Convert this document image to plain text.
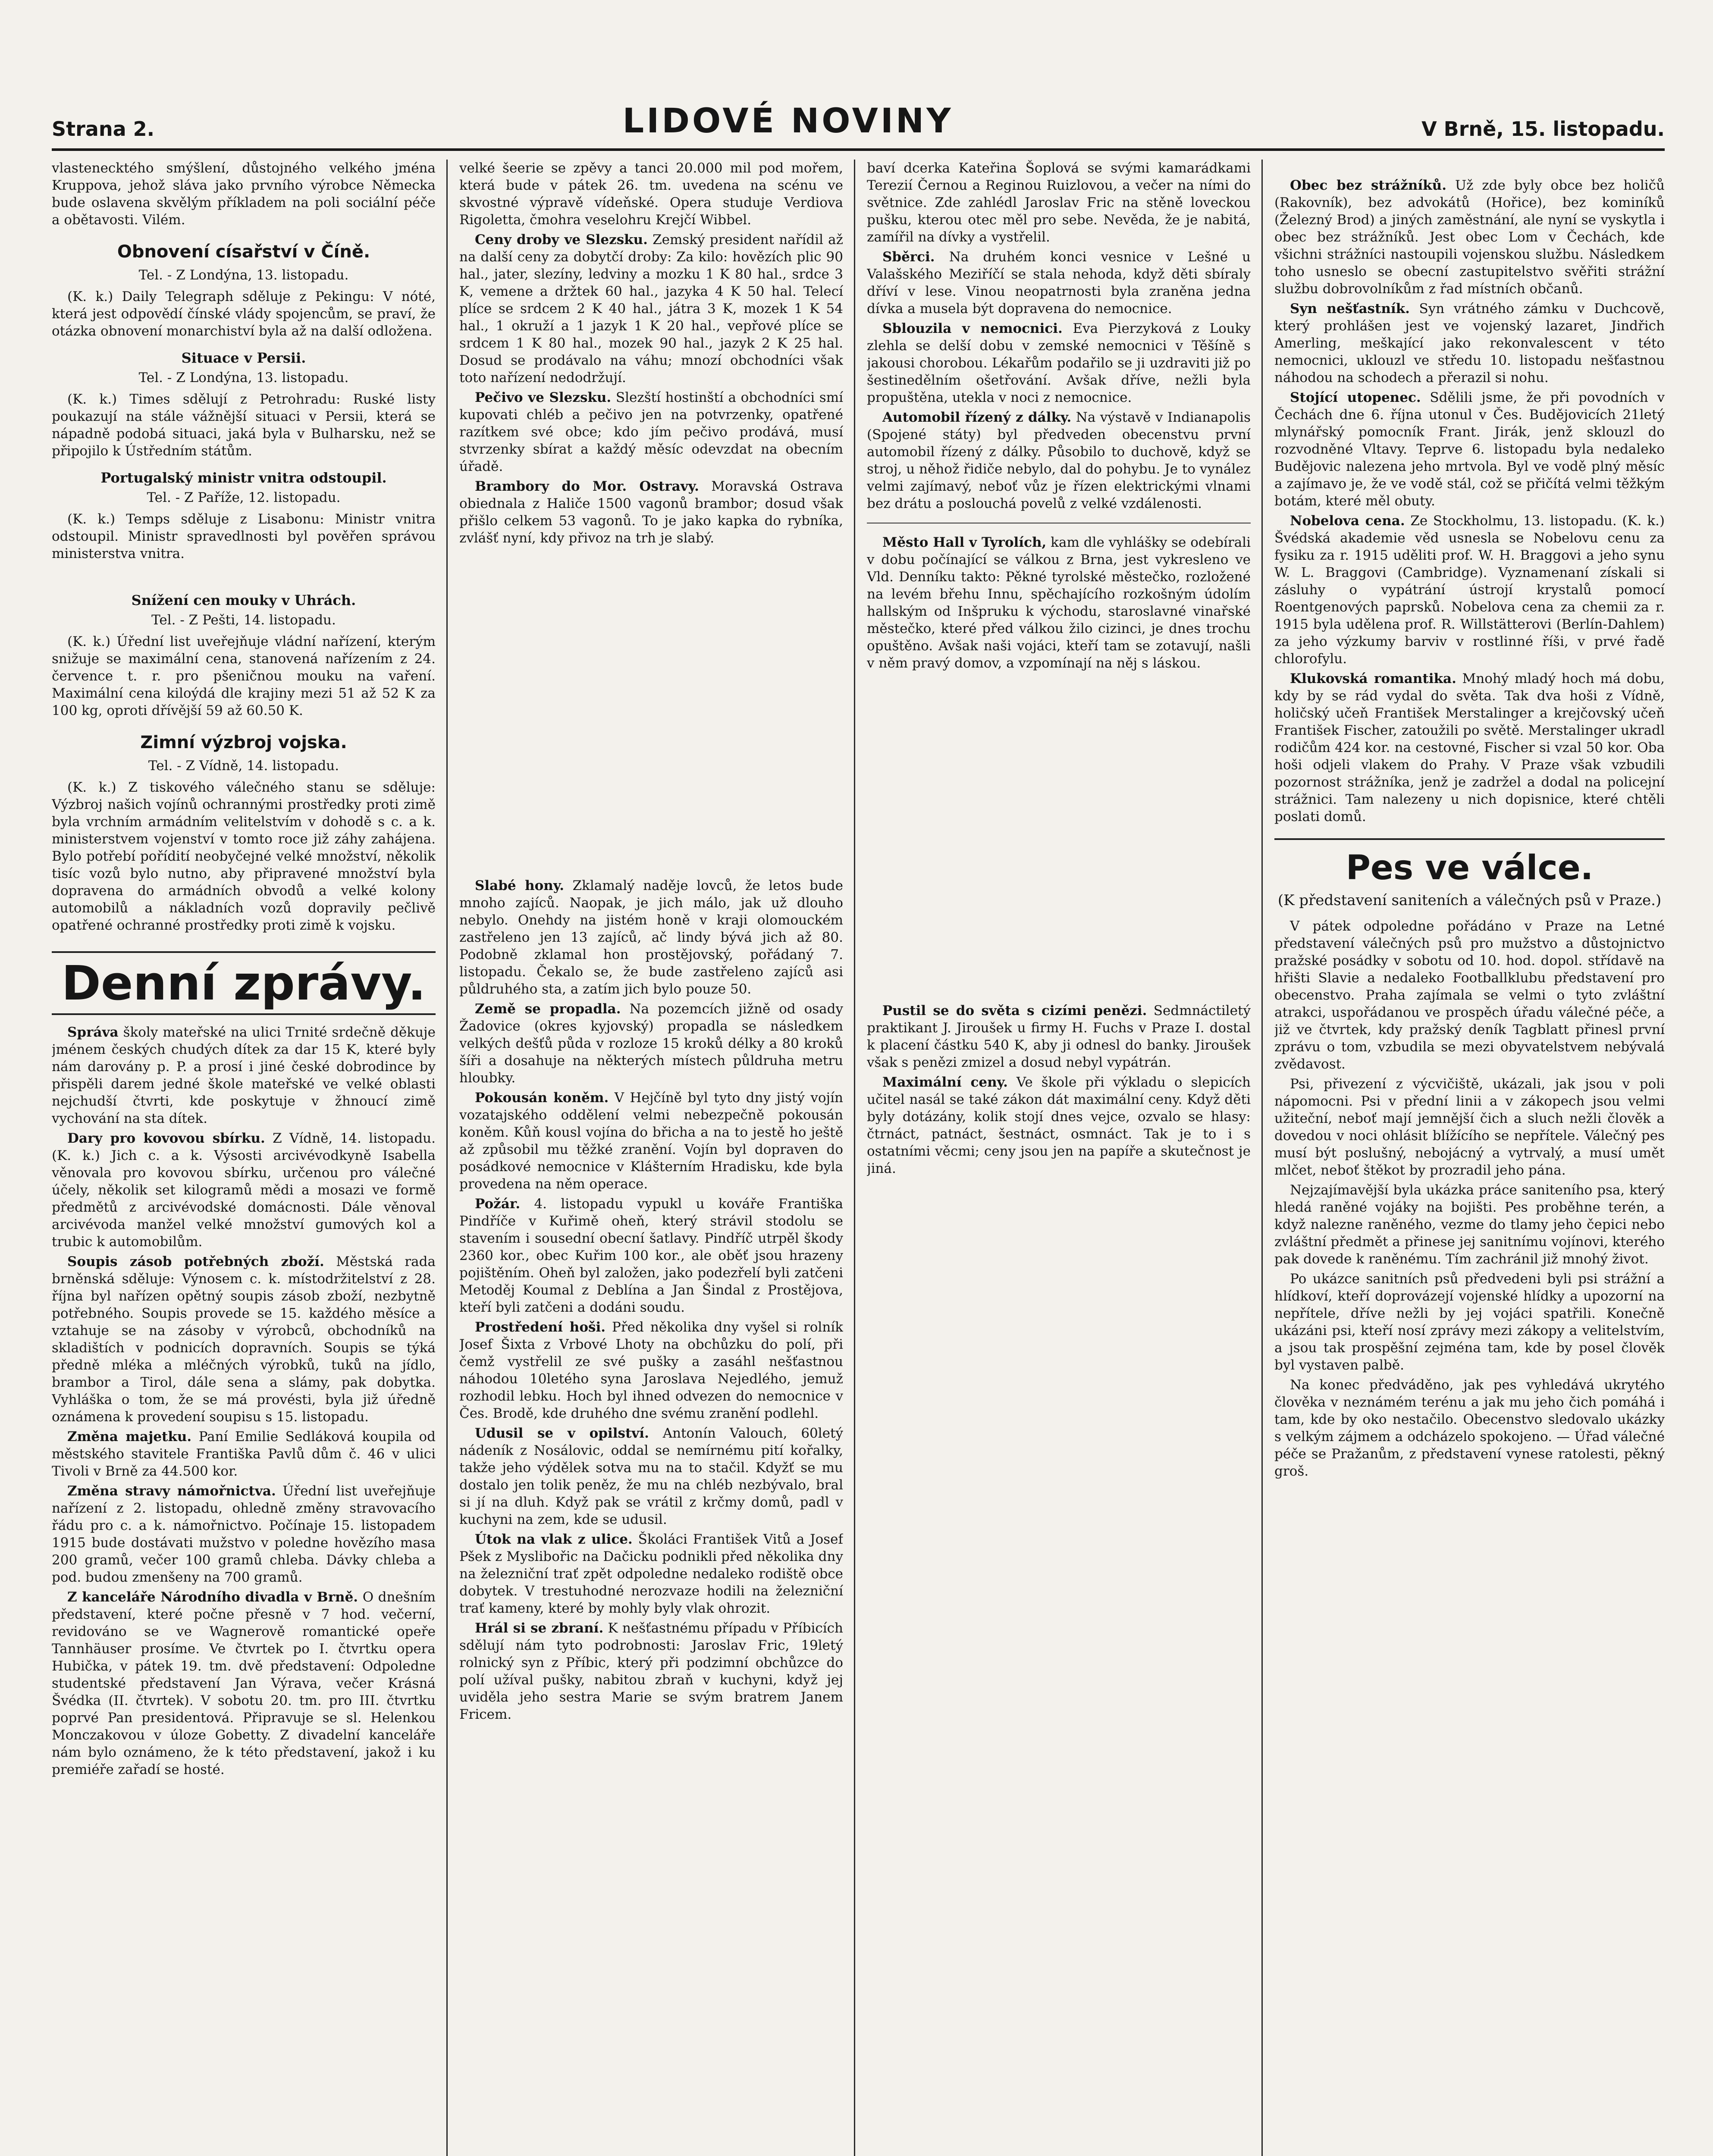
Strana 2.	LIDOVÉ NOVINY	V Brně, 15. listopadu.

vlastenecktého smýšlení, důstojného velkého jména Kruppova, jehož sláva jako prvního výrobce Německa bude oslavena skvělým příkladem na poli sociální péče a obětavosti. Vilém.

Obnovení císařství v Číně.
Tel. - Z Londýna, 13. listopadu.

(K. k.) Daily Telegraph sděluje z Pekingu: V nóté, která jest odpovědí čínské vlády spojencům, se praví, že otázka obnovení monarchiství byla až na další odložena.

Situace v Persii.
Tel. - Z Londýna, 13. listopadu.

(K. k.) Times sdělují z Petrohradu: Ruské listy poukazují na stále vážnější situaci v Persii, která se nápadně podobá situaci, jaká byla v Bulharsku, než se připojilo k Ústředním státům.

Portugalský ministr vnitra odstoupil.
Tel. - Z Paříže, 12. listopadu.

(K. k.) Temps sděluje z Lisabonu: Ministr vnitra odstoupil. Ministr spravedlnosti byl pověřen správou ministerstva vnitra.

Snížení cen mouky v Uhrách.
Tel. - Z Pešti, 14. listopadu.

(K. k.) Úřední list uveřejňuje vládní nařízení, kterým snižuje se maximální cena, stanovená nařízením z 24. července t. r. pro pšeničnou mouku na vaření. Maximální cena kiloýdá dle krajiny mezi 51 až 52 K za 100 kg, oproti dřívější 59 až 60.50 K.

Zimní výzbroj vojska.
Tel. - Z Vídně, 14. listopadu.

(K. k.) Z tiskového válečného stanu se sděluje: Výzbroj našich vojínů ochrannými prostředky proti zimě byla vrchním armádním velitelstvím v dohodě s c. a k. ministerstvem vojenství v tomto roce již záhy zahájena. Bylo potřebí pořídití neobyčejné velké množství, několik tisíc vozů bylo nutno, aby připravené množství byla dopravena do armádních obvodů a velké kolony automobilů a nákladních vozů dopravily pečlivě opatřené ochranné prostředky proti zimě k vojsku.

Denní zprávy.

Správa školy mateřské na ulici Trnité srdečně děkuje jménem českých chudých dítek za dar 15 K, které byly nám darovány p. P. a prosí i jiné české dobrodince by přispěli darem jedné škole mateřské ve velké oblasti nejchudší čtvrti, kde poskytuje v žhnoucí zimě vychování na sta dítek.

Dary pro kovovou sbírku. Z Vídně, 14. listopadu. (K. k.) Jich c. a k. Výsosti arcivévodkyně Isabella věnovala pro kovovou sbírku, určenou pro válečné účely, několik set kilogramů mědi a mosazi ve formě předmětů z arcivévodské domácnosti. Dále věnoval arcivévoda manžel velké množství gumových kol a trubic k automobilům.

Soupis zásob potřebných zboží. Městská rada brněnská sděluje: Výnosem c. k. místodržitelství z 28. října byl nařízen opětný soupis zásob zboží, nezbytně potřebného. Soupis provede se 15. každého měsíce a vztahuje se na zásoby v výrobců, obchodníků na skladištích v podnicích dopravních. Soupis se týká předně mléka a mléčných výrobků, tuků na jídlo, brambor a Tirol, dále sena a slámy, pak dobytka. Vyhláška o tom, že se má provésti, byla již úředně oznámena k provedení soupisu s 15. listopadu.

Změna majetku. Paní Emilie Sedláková koupila od městského stavitele Františka Pavlů dům č. 46 v ulici Tivoli v Brně za 44.500 kor.

Změna stravy námořnictva. Úřední list uveřejňuje nařízení z 2. listopadu, ohledně změny stravovacího řádu pro c. a k. námořnictvo. Počínaje 15. listopadem 1915 bude dostávati mužstvo v poledne hovězího masa 200 gramů, večer 100 gramů chleba. Dávky chleba a pod. budou zmenšeny na 700 gramů.

Z kanceláře Národního divadla v Brně. O dnešním představení, které počne přesně v 7 hod. večerní, revidováno se ve Wagnerově romantické opeře Tannhäuser prosíme. Ve čtvrtek po I. čtvrtku opera Hubička, v pátek 19. tm. dvě představení: Odpoledne studentské představení Jan Výrava, večer Krásná Švédka (II. čtvrtek). V sobotu 20. tm. pro III. čtvrtku poprvé Pan presidentová. Připravuje se sl. Helenkou Monczakovou v úloze Gobetty. Z divadelní kanceláře nám bylo oznámeno, že k této představení, jakož i ku premiéře zařadí se hosté.

velké šeerie se zpěvy a tanci 20.000 mil pod mořem, která bude v pátek 26. tm. uvedena na scénu ve skvostné výpravě vídeňské. Opera studuje Verdiova Rigoletta, čmohra veselohru Krejčí Wibbel.

Ceny droby ve Slezsku. Zemský president nařídil až na další ceny za dobytčí droby: Za kilo: hovězích plic 90 hal., jater, slezíny, ledviny a mozku 1 K 80 hal., srdce 3 K, vemene a držtek 60 hal., jazyka 4 K 50 hal. Telecí plíce se srdcem 2 K 40 hal., játra 3 K, mozek 1 K 54 hal., 1 okruží a 1 jazyk 1 K 20 hal., vepřové plíce se srdcem 1 K 80 hal., mozek 90 hal., jazyk 2 K 25 hal. Dosud se prodávalo na váhu; mnozí obchodníci však toto nařízení nedodržují.

Pečivo ve Slezsku. Slezští hostinští a obchodníci smí kupovati chléb a pečivo jen na potvrzenky, opatřené razítkem své obce; kdo jím pečivo prodává, musí stvrzenky sbírat a každý měsíc odevzdat na obecním úřadě.

Brambory do Mor. Ostravy. Moravská Ostrava obiednala z Haliče 1500 vagonů brambor; dosud však přišlo celkem 53 vagonů. To je jako kapka do rybníka, zvlášť nyní, kdy přivoz na trh je slabý.

Slabé hony. Zklamalý naděje lovců, že letos bude mnoho zajíců. Naopak, je jich málo, jak už dlouho nebylo. Onehdy na jistém honě v kraji olomouckém zastřeleno jen 13 zajíců, ač lindy bývá jich až 80. Podobně zklamal hon prostějovský, pořádaný 7. listopadu. Čekalo se, že bude zastřeleno zajíců asi půldruhého sta, a zatím jich bylo pouze 50.

Země se propadla. Na pozemcích jižně od osady Žadovice (okres kyjovský) propadla se následkem velkých dešťů půda v rozloze 15 kroků délky a 80 kroků šíři a dosahuje na některých místech půldruha metru hloubky.

Pokousán koněm. V Hejčíně byl tyto dny jistý vojín vozatajského oddělení velmi nebezpečně pokousán koněm. Kůň kousl vojína do břicha a na to jestě ho ještě až způsobil mu těžké zranění. Vojín byl dopraven do posádkové nemocnice v Klášterním Hradisku, kde byla provedena na něm operace.

Požár. 4. listopadu vypukl u kováře Františka Pindříče v Kuřimě oheň, který strávil stodolu se stavením i sousední obecní šatlavy. Pindříč utrpěl škody 2360 kor., obec Kuřim 100 kor., ale oběť jsou hrazeny pojištěním. Oheň byl založen, jako podezřelí byli zatčeni Metoděj Koumal z Deblína a Jan Šindal z Prostějova, kteří byli zatčeni a dodáni soudu.

Prostředení hoši. Před několika dny vyšel si rolník Josef Šixta z Vrbové Lhoty na obchůzku do polí, při čemž vystřelil ze své pušky a zasáhl nešťastnou náhodou 10letého syna Jaroslava Nejedlého, jemuž rozhodil lebku. Hoch byl ihned odvezen do nemocnice v Čes. Brodě, kde druhého dne svému zranění podlehl.

Udusil se v opilství. Antonín Valouch, 60letý nádeník z Nosálovic, oddal se nemírnému pití kořalky, takže jeho výdělek sotva mu na to stačil. Kdyžť se mu dostalo jen tolik peněz, že mu na chléb nezbývalo, bral si jí na dluh. Když pak se vrátil z krčmy domů, padl v kuchyni na zem, kde se udusil.

Útok na vlak z ulice. Školáci František Vitů a Josef Pšek z Myslibořic na Dačicku podnikli před několika dny na železniční trať zpět odpoledne nedaleko rodiště obce dobytek. V trestuhodné nerozvaze hodili na železniční trať kameny, které by mohly byly vlak ohrozit.

Hrál si se zbraní. K nešťastnému případu v Příbicích sdělují nám tyto podrobnosti: Jaroslav Fric, 19letý rolnický syn z Příbic, který při podzimní obchůzce do polí užíval pušky, nabitou zbraň v kuchyni, když jej uviděla jeho sestra Marie se svým bratrem Janem Fricem.

baví dcerka Kateřina Šoplová se svými kamarádkami Terezií Černou a Reginou Ruizlovou, a večer na ními do světnice. Zde zahlédl Jaroslav Fric na stěně loveckou pušku, kterou otec měl pro sebe. Nevěda, že je nabitá, zamířil na dívky a vystřelil.

Sběrci. Na druhém konci vesnice v Lešné u Valašského Meziříčí se stala nehoda, když děti sbíraly dříví v lese. Vinou neopatrnosti byla zraněna jedna dívka a musela být dopravena do nemocnice.

Sblouzila v nemocnici. Eva Pierzyková z Louky zlehla se delší dobu v zemské nemocnici v Těšíně s jakousi chorobou. Lékařům podařilo se ji uzdraviti již po šestinedělním ošetřování. Avšak dříve, nežli byla propuštěna, utekla v noci z nemocnice.

Automobil řízený z dálky. Na výstavě v Indianapolis (Spojené státy) byl předveden obecenstvu první automobil řízený z dálky. Působilo to duchově, když se stroj, u něhož řidiče nebylo, dal do pohybu. Je to vynález velmi zajímavý, neboť vůz je řízen elektrickými vlnami bez drátu a poslouchá povelů z velké vzdálenosti.

Město Hall v Tyrolích, kam dle vyhlášky se odebírali v dobu počínající se válkou z Brna, jest vykresleno ve Vld. Denníku takto: Pěkné tyrolské městečko, rozložené na levém břehu Innu, spěchajícího rozkošným údolím hallským od Inšpruku k východu, staroslavné vinařské městečko, které před válkou žilo cizinci, je dnes trochu opuštěno. Avšak naši vojáci, kteří tam se zotavují, našli v něm pravý domov, a vzpomínají na něj s láskou.

Pustil se do světa s cizími penězi. Sedmnáctiletý praktikant J. Jiroušek u firmy H. Fuchs v Praze I. dostal k placení částku 540 K, aby ji odnesl do banky. Jiroušek však s penězi zmizel a dosud nebyl vypátrán.

Maximální ceny. Ve škole při výkladu o slepicích učitel nasál se také zákon dát maximální ceny. Když děti byly dotázány, kolik stojí dnes vejce, ozvalo se hlasy: čtrnáct, patnáct, šestnáct, osmnáct. Tak je to i s ostatními věcmi; ceny jsou jen na papíře a skutečnost je jiná.

Obec bez strážníků. Už zde byly obce bez holičů (Rakovník), bez advokátů (Hořice), bez kominíků (Železný Brod) a jiných zaměstnání, ale nyní se vyskytla i obec bez strážníků. Jest obec Lom v Čechách, kde všichni strážníci nastoupili vojenskou službu. Následkem toho usneslo se obecní zastupitelstvo svěřiti strážní službu dobrovolníkům z řad místních občanů.

Syn nešťastník. Syn vrátného zámku v Duchcově, který prohlášen jest ve vojenský lazaret, Jindřich Amerling, meškající jako rekonvalescent v této nemocnici, uklouzl ve středu 10. listopadu nešťastnou náhodou na schodech a přerazil si nohu.

Stojící utopenec. Sdělili jsme, že při povodních v Čechách dne 6. října utonul v Čes. Budějovicích 21letý mlynářský pomocník Frant. Jirák, jenž sklouzl do rozvodněné Vltavy. Teprve 6. listopadu byla nedaleko Budějovic nalezena jeho mrtvola. Byl ve vodě plný měsíc a zajímavo je, že ve vodě stál, což se přičítá velmi těžkým botám, které měl obuty.

Nobelova cena. Ze Stockholmu, 13. listopadu. (K. k.) Švédská akademie věd usnesla se Nobelovu cenu za fysiku za r. 1915 uděliti prof. W. H. Braggovi a jeho synu W. L. Braggovi (Cambridge). Vyznamenaní získali si zásluhy o vypátrání ústrojí krystalů pomocí Roentgenových paprsků. Nobelova cena za chemii za r. 1915 byla udělena prof. R. Willstätterovi (Berlín-Dahlem) za jeho výzkumy barviv v rostlinné říši, v prvé řadě chlorofylu.

Klukovská romantika. Mnohý mladý hoch má dobu, kdy by se rád vydal do světa. Tak dva hoši z Vídně, holičský učeň František Merstalinger a krejčovský učeň František Fischer, zatoužili po světě. Merstalinger ukradl rodičům 424 kor. na cestovné, Fischer si vzal 50 kor. Oba hoši odjeli vlakem do Prahy. V Praze však vzbudili pozornost strážníka, jenž je zadržel a dodal na policejní strážnici. Tam nalezeny u nich dopisnice, které chtěli poslati domů.

Pes ve válce.
(K představení saniteních a válečných psů v Praze.)

V pátek odpoledne pořádáno v Praze na Letné představení válečných psů pro mužstvo a důstojnictvo pražské posádky v sobotu od 10. hod. dopol. střídavě na hřišti Slavie a nedaleko Footballklubu představení pro obecenstvo. Praha zajímala se velmi o tyto zvláštní atrakci, uspořádanou ve prospěch úřadu válečné péče, a již ve čtvrtek, kdy pražský deník Tagblatt přinesl první zprávu o tom, vzbudila se mezi obyvatelstvem nebývalá zvědavost.

Psi, přivezení z výcvičiště, ukázali, jak jsou v poli nápomocni. Psi v přední linii a v zákopech jsou velmi užiteční, neboť mají jemnější čich a sluch nežli člověk a dovedou v noci ohlásit blížícího se nepřítele. Válečný pes musí být poslušný, nebojácný a vytrvalý, a musí umět mlčet, neboť štěkot by prozradil jeho pána.

Nejzajímavější byla ukázka práce saniteního psa, který hledá raněné vojáky na bojišti. Pes proběhne terén, a když nalezne raněného, vezme do tlamy jeho čepici nebo zvláštní předmět a přinese jej sanitnímu vojínovi, kterého pak dovede k raněnému. Tím zachránil již mnohý život.

Po ukázce sanitních psů předvedeni byli psi strážní a hlídkoví, kteří doprovázejí vojenské hlídky a upozorní na nepřítele, dříve nežli by jej vojáci spatřili. Konečně ukázáni psi, kteří nosí zprávy mezi zákopy a velitelstvím, a jsou tak prospěšní zejména tam, kde by posel člověk byl vystaven palbě.

Na konec předváděno, jak pes vyhledává ukrytého člověka v neznámém terénu a jak mu jeho čich pomáhá i tam, kde by oko nestačilo. Obecenstvo sledovalo ukázky s velkým zájmem a odcházelo spokojeno. — Úřad válečné péče se Pražanům, z představení vynese ratolesti, pěkný groš.
